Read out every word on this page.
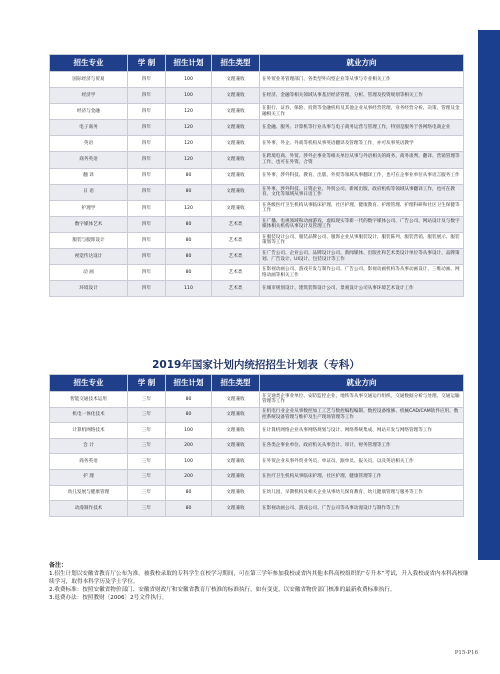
招生专业	学 制	招生计划	招生类型	就业方向
国际经济与贸易	四年	100	文理兼收	在外贸业务管理部门、各类型外向型企业等从事与专业相关工作
经济学	四年	100	文理兼收	在经济、金融等相关领域从事基层经济管理、分析、管理及投资规划等相关工作
经济与金融	四年	120	文理兼收	在银行、证券、保险、投资等金融机构及其他企业从事经营管理、业务经营分析、决策、管理及金融相关工作
电子商务	四年	120	文理兼收	在金融、服务、计算机等行业从事与电子商务运营与管理工作，特别是服务于各网络电商企业
英语	四年	120	文理兼收	在外事、外企、外商等机构从事英语翻译及管理等工作，亦可从事英语教学
商务英语	四年	120	文理兼收	在跨境电商、外贸、涉外企事业等相关单位从事与外语相关的商务、商务谈判、翻译、营销管理等工作，也可在外资、合资
翻 译	四年	80	文理兼收	在外事、涉外科技、教育、出版、外贸等领域从事翻译工作，也可在企事业单位从事语言服务工作
日 语	四年	80	文理兼收	在外事、涉外科技、日资企业、外贸公司、新闻出版、政府机构等领域从事翻译工作，也可在教育、文化等领域从事日语工作
护理学	四年	120	文理兼收	在各级医疗卫生机构从事临床护理、社区护理、健康教育、护理管理、护理科研和社区卫生保健等工作
数字媒体艺术	四年	80	艺术类	在广播、电视领域和动画游戏、虚拟现实等新一代的数字媒体公司、广告公司、网站设计及与数字媒体相关机构从事设计及管理工作
服装与服饰设计	四年	80	艺术类	在服装设计公司、服装品牌公司、服饰企业从事服装设计、服装陈列、服装营销、服装展示、服装策划等工作
视觉传达设计	四年	80	艺术类	在广告公司、企业公司、品牌设计公司、新闻媒体、出版社和艺术类设计单位等从事设计、品牌策划、广告设计、UI设计、包装设计等工作
动 画	四年	80	艺术类	在影视动画公司、游戏开发与制作公司、广告公司、影视动画机构等从事动画设计、三维动画、网络动画等相关工作
环境设计	四年	110	艺术类	在城市规划设计、建筑装饰设计公司、景观设计公司从事环境艺术设计工作
2019年国家计划内统招招生计划表（专科）
招生专业	学 制	招生计划	招生类型	就业方向
智能交通技术运用	三年	80	文理兼收	在交通类企事业单位、安防监控企业、地铁等从事交通运行组织、交通数据分析与处理、交通运输管理等工作
机电一体化技术	三年	80	文理兼收	在机电行业企业从事数控加工工艺与数控编程编制、数控设备维修、机械CAD/CAM软件应用、数控系统设备管理与维护及生产现场管理等工作
计算机网络技术	三年	100	文理兼收	在计算机网络企业从事网络规划与设计、网络系统集成、网站开发与网络管理等工作
会 计	三年	200	文理兼收	在各类企事业单位、政府机关从事会计、审计、财务管理等工作
商务英语	三年	100	文理兼收	在外贸企业从事外贸业务员、单证员、跟单员、报关员，以及英语相关工作
护 理	三年	200	文理兼收	在医疗卫生机构从事临床护理、社区护理、健康管理等工作
幼儿发展与健康管理	三年	80	文理兼收	在幼儿园、早教机构及相关企业从事幼儿保育教育、幼儿健康管理与服务等工作
动漫制作技术	三年	80	文理兼收	在影视动画公司、游戏公司、广告公司等从事动漫设计与制作等工作
备注：
1.招生计划以安徽省教育厅公布为准。被我校录取的专科学生在校学习期间，可在第三学年参加我校或省内其他本科高校组织的“专升本”考试，升入我校或省内本科高校继续学习，取得本科学历及学士学位。
2.收费标准：按照安徽省物价部门、安徽省财政厅和安徽省教育厅核准的标准执行，如有变更，以安徽省物价部门核准的最新收费标准执行。
3.退费办法：按照教财〔2006〕2号文件执行。
P15-P16
